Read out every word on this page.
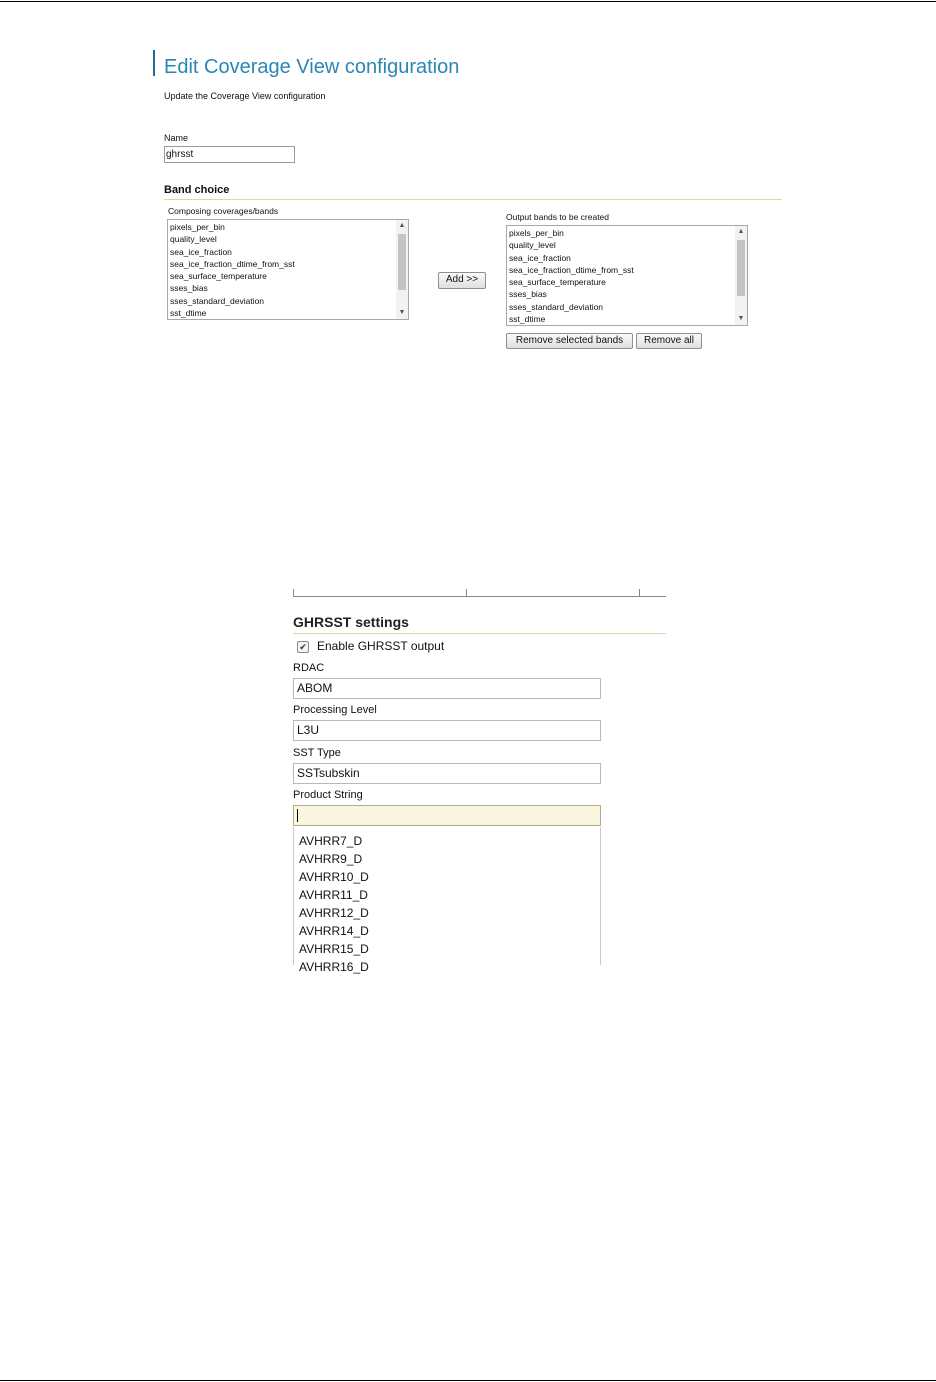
Edit Coverage View configuration
Update the Coverage View configuration
Name
ghrsst
Band choice
Composing coverages/bands
pixels_per_bin
quality_level
sea_ice_fraction
sea_ice_fraction_dtime_from_sst
sea_surface_temperature
sses_bias
sses_standard_deviation
sst_dtime
▲
▼
Add >>
Output bands to be created
pixels_per_bin
quality_level
sea_ice_fraction
sea_ice_fraction_dtime_from_sst
sea_surface_temperature
sses_bias
sses_standard_deviation
sst_dtime
▲
▼
Remove selected bands	Remove all
GHRSST settings
✔ Enable GHRSST output
RDAC
ABOM
Processing Level
L3U
SST Type
SSTsubskin
Product String
AVHRR7_D
AVHRR9_D
AVHRR10_D
AVHRR11_D
AVHRR12_D
AVHRR14_D
AVHRR15_D
AVHRR16_D
